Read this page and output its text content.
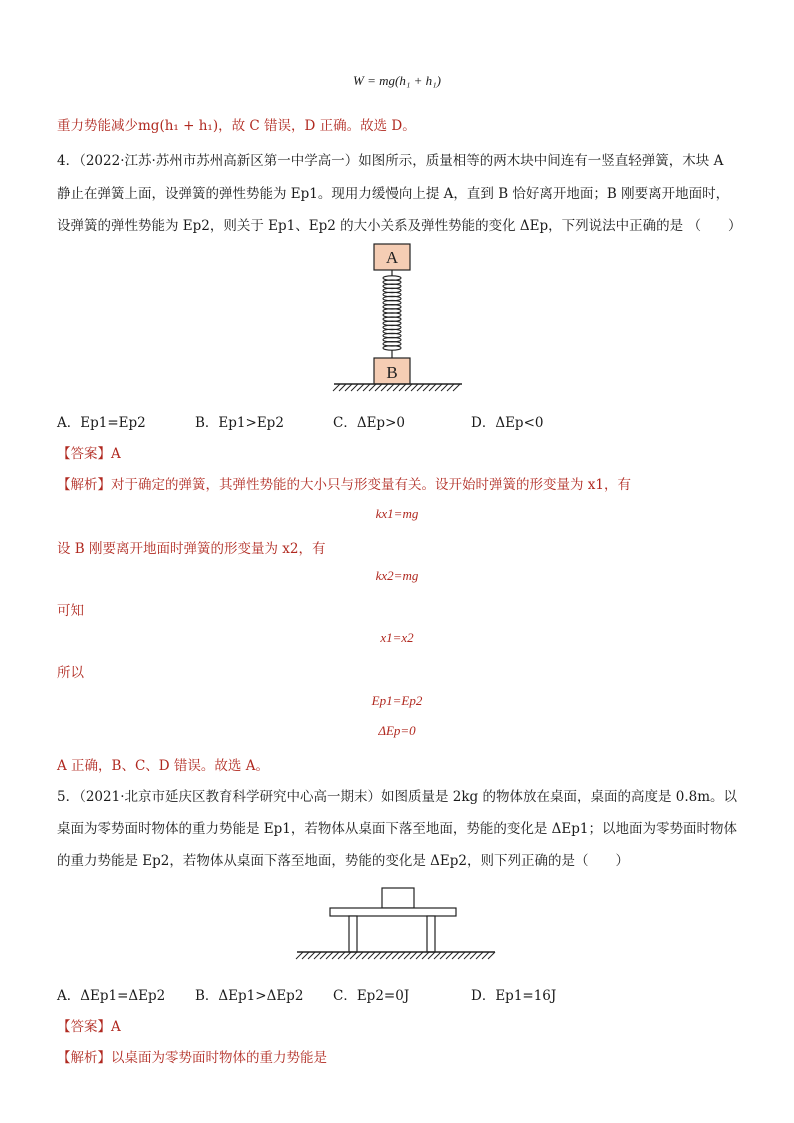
W = mg(h₁ + h₁)
重力势能减少mg(h₁ + h₁)，故 C 错误，D 正确。故选 D。
4．（2022·江苏·苏州市苏州高新区第一中学高一）如图所示，质量相等的两木块中间连有一竖直轻弹簧，木块 A
静止在弹簧上面，设弹簧的弹性势能为 Ep1。现用力缓慢向上提 A，直到 B 恰好离开地面；B 刚要离开地面时，
设弹簧的弹性势能为 Ep2，则关于 Ep1、Ep2 的大小关系及弹性势能的变化 ΔEp，下列说法中正确的是 （　　）
A
B
A．Ep1=Ep2	B．Ep1>Ep2	C．ΔEp>0	D．ΔEp<0
【答案】A
【解析】对于确定的弹簧，其弹性势能的大小只与形变量有关。设开始时弹簧的形变量为 x1，有
kx1=mg
设 B 刚要离开地面时弹簧的形变量为 x2，有
kx2=mg
可知
x1=x2
所以
Ep1=Ep2
ΔEp=0
A 正确，B、C、D 错误。故选 A。
5．（2021·北京市延庆区教育科学研究中心高一期末）如图质量是 2kg 的物体放在桌面，桌面的高度是 0.8m。以
桌面为零势面时物体的重力势能是 Ep1，若物体从桌面下落至地面，势能的变化是 ΔEp1；以地面为零势面时物体
的重力势能是 Ep2，若物体从桌面下落至地面，势能的变化是 ΔEp2，则下列正确的是（　　）
A．ΔEp1=ΔEp2 B．ΔEp1>ΔEp2 C．Ep2=0J	D．Ep1=16J
【答案】A
【解析】以桌面为零势面时物体的重力势能是
